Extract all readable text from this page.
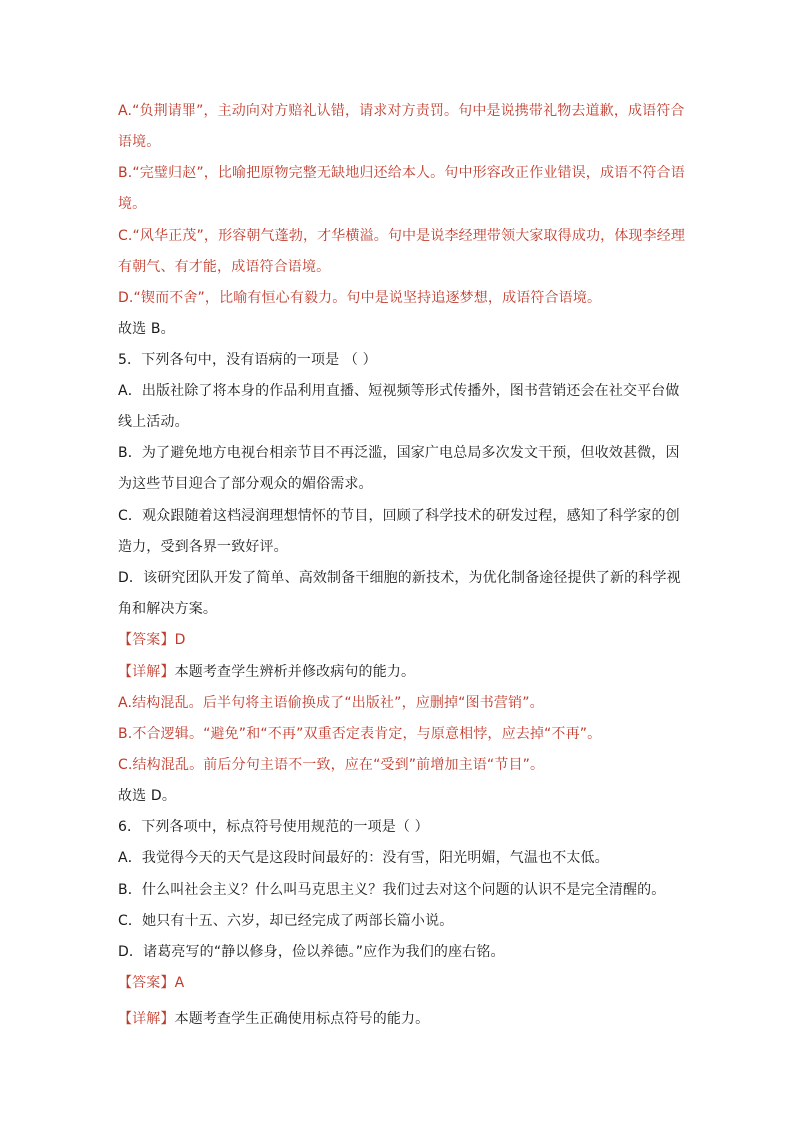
A.“负荆请罪”，主动向对方赔礼认错，请求对方责罚。句中是说携带礼物去道歉，成语符合
语境。
B.“完璧归赵”，比喻把原物完整无缺地归还给本人。句中形容改正作业错误，成语不符合语
境。
C.“风华正茂”，形容朝气蓬勃，才华横溢。句中是说李经理带领大家取得成功，体现李经理
有朝气、有才能，成语符合语境。
D.“锲而不舍”，比喻有恒心有毅力。句中是说坚持追逐梦想，成语符合语境。
故选 B。
5．下列各句中，没有语病的一项是 （ ）
A．出版社除了将本身的作品利用直播、短视频等形式传播外，图书营销还会在社交平台做
线上活动。
B．为了避免地方电视台相亲节目不再泛滥，国家广电总局多次发文干预，但收效甚微，因
为这些节目迎合了部分观众的媚俗需求。
C．观众跟随着这档浸润理想情怀的节目，回顾了科学技术的研发过程，感知了科学家的创
造力，受到各界一致好评。
D．该研究团队开发了简单、高效制备干细胞的新技术，为优化制备途径提供了新的科学视
角和解决方案。
【答案】D
【详解】本题考查学生辨析并修改病句的能力。
A.结构混乱。后半句将主语偷换成了“出版社”，应删掉“图书营销”。
B.不合逻辑。“避免”和“不再”双重否定表肯定，与原意相悖，应去掉“不再”。
C.结构混乱。前后分句主语不一致，应在“受到”前增加主语“节目”。
故选 D。
6．下列各项中，标点符号使用规范的一项是（ ）
A．我觉得今天的天气是这段时间最好的：没有雪，阳光明媚，气温也不太低。
B．什么叫社会主义？什么叫马克思主义？我们过去对这个问题的认识不是完全清醒的。
C．她只有十五、六岁，却已经完成了两部长篇小说。
D．诸葛亮写的“静以修身，俭以养德。”应作为我们的座右铭。
【答案】A
【详解】本题考查学生正确使用标点符号的能力。
